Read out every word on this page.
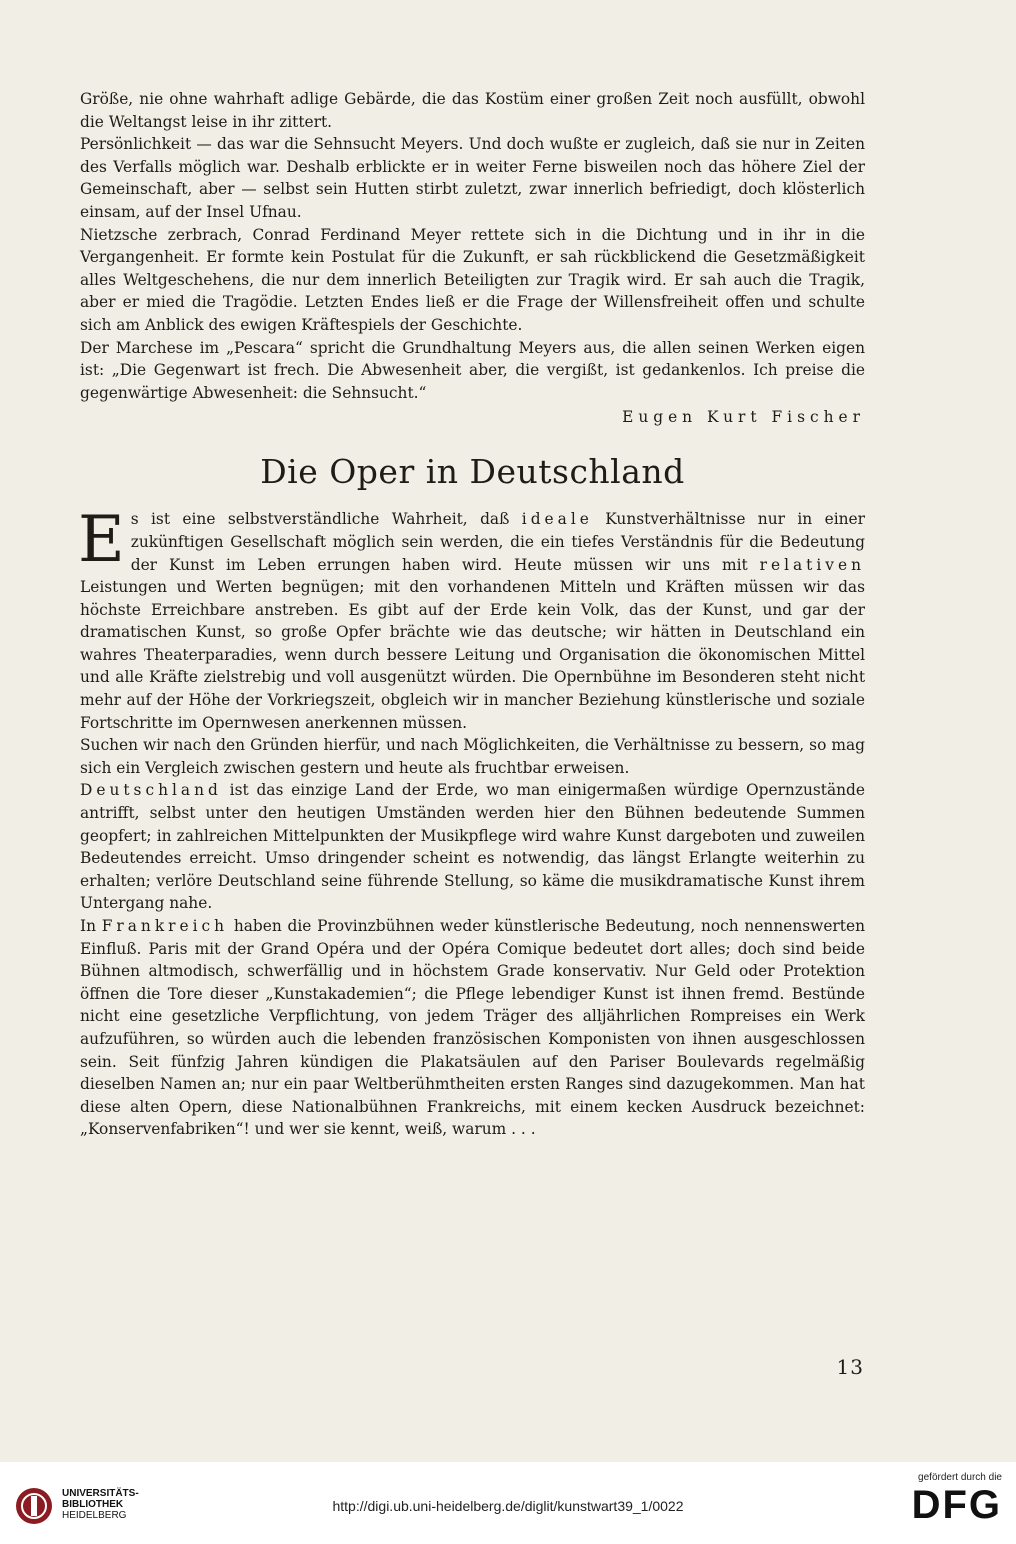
Größe, nie ohne wahrhaft adlige Gebärde, die das Kostüm einer großen Zeit noch ausfüllt, obwohl die Weltangst leise in ihr zittert.

Persönlichkeit — das war die Sehnsucht Meyers. Und doch wußte er zugleich, daß sie nur in Zeiten des Verfalls möglich war. Deshalb erblickte er in weiter Ferne bisweilen noch das höhere Ziel der Gemeinschaft, aber — selbst sein Hutten stirbt zuletzt, zwar innerlich befriedigt, doch klösterlich einsam, auf der Insel Ufnau.

Nietzsche zerbrach, Conrad Ferdinand Meyer rettete sich in die Dichtung und in ihr in die Vergangenheit. Er formte kein Postulat für die Zukunft, er sah rückblickend die Gesetzmäßigkeit alles Weltgeschehens, die nur dem innerlich Beteiligten zur Tragik wird. Er sah auch die Tragik, aber er mied die Tragödie. Letzten Endes ließ er die Frage der Willensfreiheit offen und schulte sich am Anblick des ewigen Kräftespiels der Geschichte.

Der Marchese im „Pescara“ spricht die Grundhaltung Meyers aus, die allen seinen Werken eigen ist: „Die Gegenwart ist frech. Die Abwesenheit aber, die vergißt, ist gedankenlos. Ich preise die gegenwärtige Abwesenheit: die Sehnsucht.“

Eugen Kurt Fischer
Die Oper in Deutschland

Es ist eine selbstverständliche Wahrheit, daß ideale Kunstverhältnisse nur in einer zukünftigen Gesellschaft möglich sein werden, die ein tiefes Verständnis für die Bedeutung der Kunst im Leben errungen haben wird. Heute müssen wir uns mit relativen Leistungen und Werten begnügen; mit den vorhandenen Mitteln und Kräften müssen wir das höchste Erreichbare anstreben. Es gibt auf der Erde kein Volk, das der Kunst, und gar der dramatischen Kunst, so große Opfer brächte wie das deutsche; wir hätten in Deutschland ein wahres Theaterparadies, wenn durch bessere Leitung und Organisation die ökonomischen Mittel und alle Kräfte zielstrebig und voll ausgenützt würden. Die Opernbühne im Besonderen steht nicht mehr auf der Höhe der Vorkriegszeit, obgleich wir in mancher Beziehung künstlerische und soziale Fortschritte im Opernwesen anerkennen müssen.

Suchen wir nach den Gründen hierfür, und nach Möglichkeiten, die Verhältnisse zu bessern, so mag sich ein Vergleich zwischen gestern und heute als fruchtbar erweisen.

Deutschland ist das einzige Land der Erde, wo man einigermaßen würdige Opernzustände antrifft, selbst unter den heutigen Umständen werden hier den Bühnen bedeutende Summen geopfert; in zahlreichen Mittelpunkten der Musikpflege wird wahre Kunst dargeboten und zuweilen Bedeutendes erreicht. Umso dringender scheint es notwendig, das längst Erlangte weiterhin zu erhalten; verlöre Deutschland seine führende Stellung, so käme die musikdramatische Kunst ihrem Untergang nahe.

In Frankreich haben die Provinzbühnen weder künstlerische Bedeutung, noch nennenswerten Einfluß. Paris mit der Grand Opéra und der Opéra Comique bedeutet dort alles; doch sind beide Bühnen altmodisch, schwerfällig und in höchstem Grade konservativ. Nur Geld oder Protektion öffnen die Tore dieser „Kunstakademien“; die Pflege lebendiger Kunst ist ihnen fremd. Bestünde nicht eine gesetzliche Verpflichtung, von jedem Träger des alljährlichen Rompreises ein Werk aufzuführen, so würden auch die lebenden französischen Komponisten von ihnen ausgeschlossen sein. Seit fünfzig Jahren kündigen die Plakatsäulen auf den Pariser Boulevards regelmäßig dieselben Namen an; nur ein paar Weltberühmtheiten ersten Ranges sind dazugekommen. Man hat diese alten Opern, diese Nationalbühnen Frankreichs, mit einem kecken Ausdruck bezeichnet: „Konservenfabriken“! und wer sie kennt, weiß, warum . . .

13
UNIVERSITÄTS-
BIBLIOTHEK
HEIDELBERG
http://digi.ub.uni-heidelberg.de/diglit/kunstwart39_1/0022
gefördert durch die
DFG
